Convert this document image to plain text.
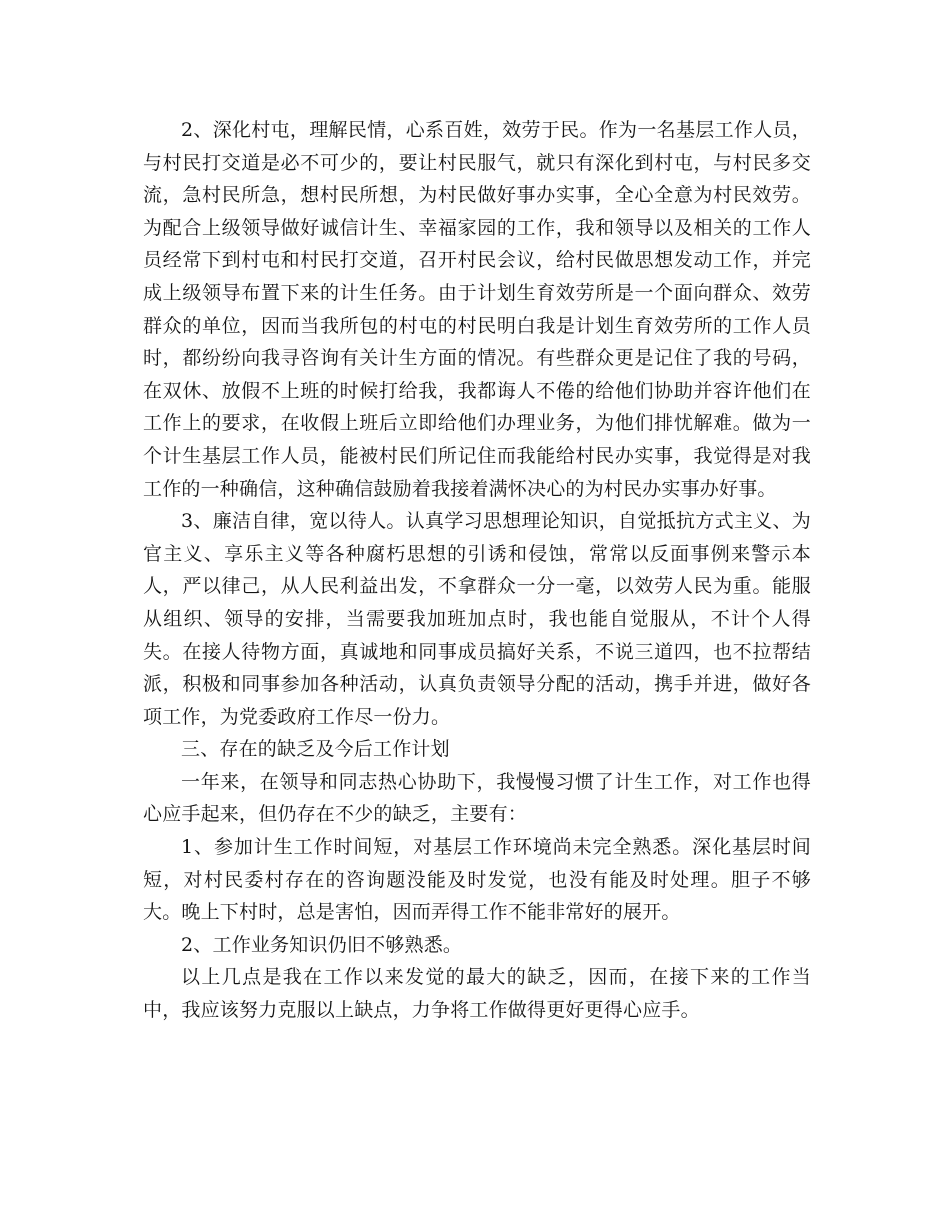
2、深化村屯，理解民情，心系百姓，效劳于民。作为一名基层工作人员，与村民打交道是必不可少的，要让村民服气，就只有深化到村屯，与村民多交流，急村民所急，想村民所想，为村民做好事办实事，全心全意为村民效劳。为配合上级领导做好诚信计生、幸福家园的工作，我和领导以及相关的工作人员经常下到村屯和村民打交道，召开村民会议，给村民做思想发动工作，并完成上级领导布置下来的计生任务。由于计划生育效劳所是一个面向群众、效劳群众的单位，因而当我所包的村屯的村民明白我是计划生育效劳所的工作人员时，都纷纷向我寻咨询有关计生方面的情况。有些群众更是记住了我的号码，在双休、放假不上班的时候打给我，我都诲人不倦的给他们协助并容许他们在工作上的要求，在收假上班后立即给他们办理业务，为他们排忧解难。做为一个计生基层工作人员，能被村民们所记住而我能给村民办实事，我觉得是对我工作的一种确信，这种确信鼓励着我接着满怀决心的为村民办实事办好事。

3、廉洁自律，宽以待人。认真学习思想理论知识，自觉抵抗方式主义、为官主义、享乐主义等各种腐朽思想的引诱和侵蚀，常常以反面事例来警示本人，严以律己，从人民利益出发，不拿群众一分一毫，以效劳人民为重。能服从组织、领导的安排，当需要我加班加点时，我也能自觉服从，不计个人得失。在接人待物方面，真诚地和同事成员搞好关系，不说三道四，也不拉帮结派，积极和同事参加各种活动，认真负责领导分配的活动，携手并进，做好各项工作，为党委政府工作尽一份力。

三、存在的缺乏及今后工作计划

一年来，在领导和同志热心协助下，我慢慢习惯了计生工作，对工作也得心应手起来，但仍存在不少的缺乏，主要有：

1、参加计生工作时间短，对基层工作环境尚未完全熟悉。深化基层时间短，对村民委村存在的咨询题没能及时发觉，也没有能及时处理。胆子不够大。晚上下村时，总是害怕，因而弄得工作不能非常好的展开。

2、工作业务知识仍旧不够熟悉。

以上几点是我在工作以来发觉的最大的缺乏，因而，在接下来的工作当中，我应该努力克服以上缺点，力争将工作做得更好更得心应手。
